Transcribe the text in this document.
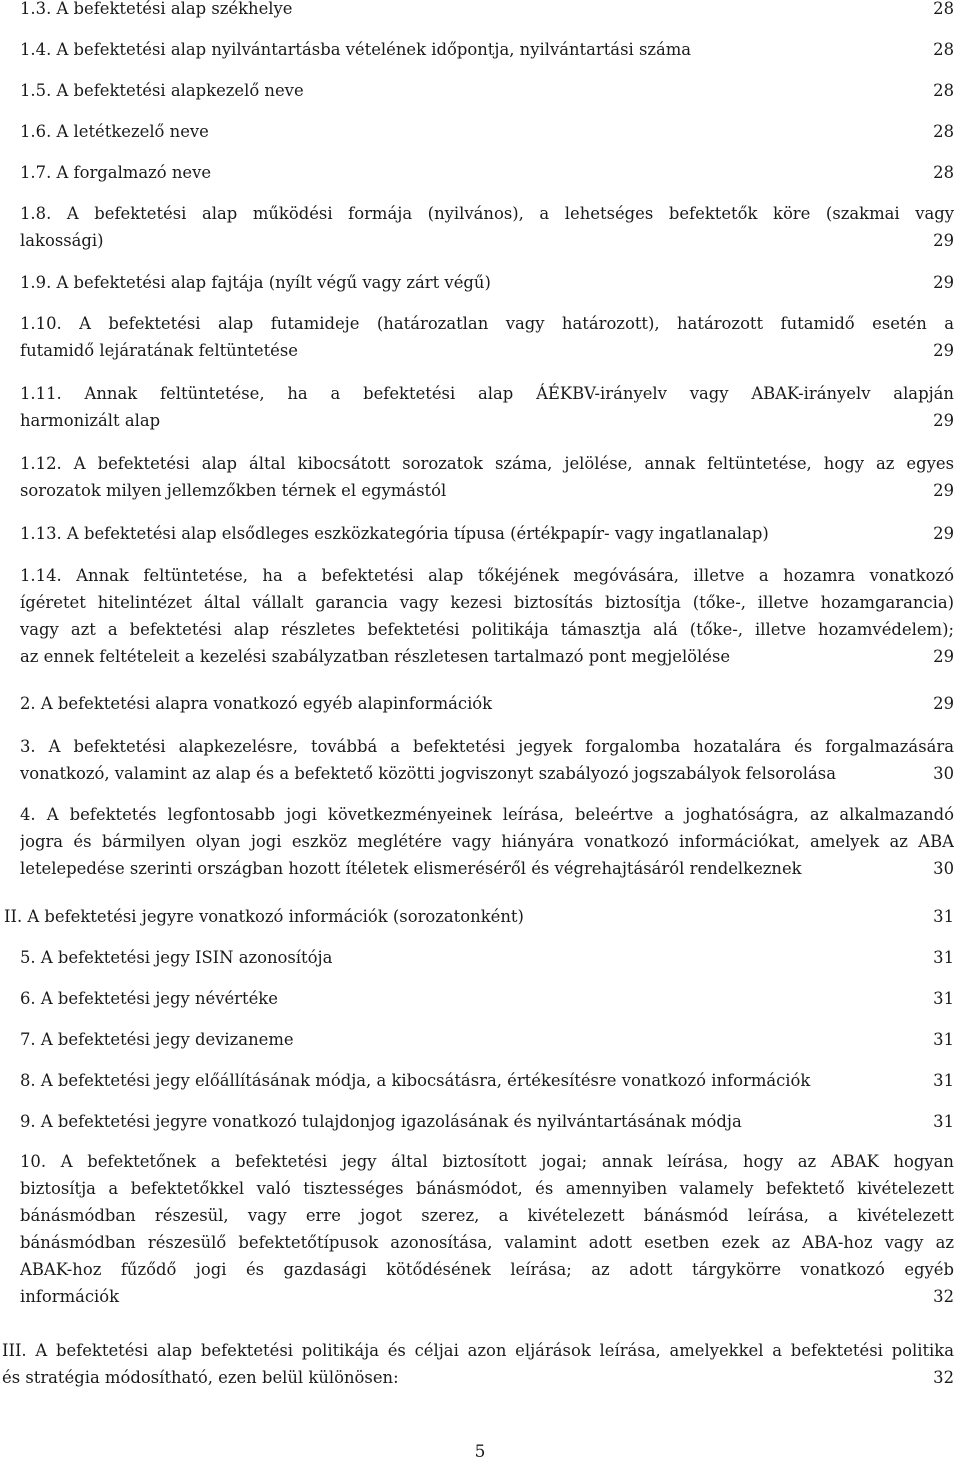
1.3. A befektetési alap székhelye .....	28
1.4. A befektetési alap nyilvántartásba vételének időpontja, nyilvántartási száma .....	28
1.5. A befektetési alapkezelő neve .....	28
1.6. A letétkezelő neve .....	28
1.7. A forgalmazó neve .....	28
1.8. A befektetési alap működési formája (nyilvános), a lehetséges befektetők köre (szakmai vagy
lakossági) .....	29
1.9. A befektetési alap fajtája (nyílt végű vagy zárt végű) .....	29
1.10. A befektetési alap futamideje (határozatlan vagy határozott), határozott futamidő esetén a
futamidő lejáratának feltüntetése .....	29
1.11. Annak feltüntetése, ha a befektetési alap ÁÉKBV-irányelv vagy ABAK-irányelv alapján
harmonizált alap .....	29
1.12. A befektetési alap által kibocsátott sorozatok száma, jelölése, annak feltüntetése, hogy az egyes
sorozatok milyen jellemzőkben térnek el egymástól .....	29
1.13. A befektetési alap elsődleges eszközkategória típusa (értékpapír- vagy ingatlanalap) .....	29
1.14. Annak feltüntetése, ha a befektetési alap tőkéjének megóvására, illetve a hozamra vonatkozó
ígéretet hitelintézet által vállalt garancia vagy kezesi biztosítás biztosítja (tőke-, illetve hozamgarancia)
vagy azt a befektetési alap részletes befektetési politikája támasztja alá (tőke-, illetve hozamvédelem);
az ennek feltételeit a kezelési szabályzatban részletesen tartalmazó pont megjelölése .....	29
2. A befektetési alapra vonatkozó egyéb alapinformációk .....	29
3. A befektetési alapkezelésre, továbbá a befektetési jegyek forgalomba hozatalára és forgalmazására
vonatkozó, valamint az alap és a befektető közötti jogviszonyt szabályozó jogszabályok felsorolása .....	30
4. A befektetés legfontosabb jogi következményeinek leírása, beleértve a joghatóságra, az alkalmazandó
jogra és bármilyen olyan jogi eszköz meglétére vagy hiányára vonatkozó információkat, amelyek az ABA
letelepedése szerinti országban hozott ítéletek elismeréséről és végrehajtásáról rendelkeznek .....	30
II. A befektetési jegyre vonatkozó információk (sorozatonként) .....	31
5. A befektetési jegy ISIN azonosítója .....	31
6. A befektetési jegy névértéke .....	31
7. A befektetési jegy devizaneme .....	31
8. A befektetési jegy előállításának módja, a kibocsátásra, értékesítésre vonatkozó információk .....	31
9. A befektetési jegyre vonatkozó tulajdonjog igazolásának és nyilvántartásának módja .....	31
10. A befektetőnek a befektetési jegy által biztosított jogai; annak leírása, hogy az ABAK hogyan
biztosítja a befektetőkkel való tisztességes bánásmódot, és amennyiben valamely befektető kivételezett
bánásmódban részesül, vagy erre jogot szerez, a kivételezett bánásmód leírása, a kivételezett
bánásmódban részesülő befektetőtípusok azonosítása, valamint adott esetben ezek az ABA-hoz vagy az
ABAK-hoz fűződő jogi és gazdasági kötődésének leírása; az adott tárgykörre vonatkozó egyéb
információk .....	32
III. A befektetési alap befektetési politikája és céljai azon eljárások leírása, amelyekkel a befektetési politika
és stratégia módosítható, ezen belül különösen: .....	32
5
